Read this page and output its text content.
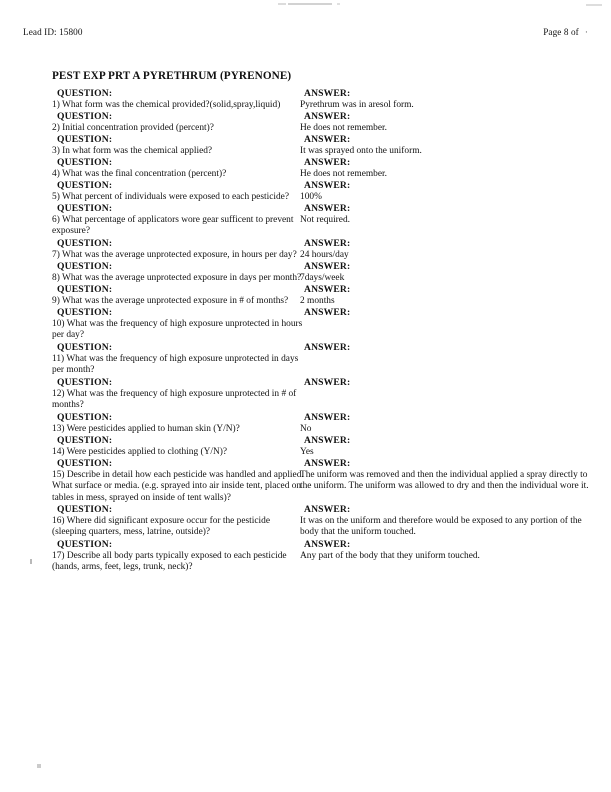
Lead ID: 15800	Page 8 of ·
PEST EXP PRT A PYRETHRUM (PYRENONE)
QUESTION:
1) What form was the chemical provided?(solid,spray,liquid)
ANSWER:
Pyrethrum was in aresol form.
QUESTION:
2) Initial concentration provided (percent)?
ANSWER:
He does not remember.
QUESTION:
3) In what form was the chemical applied?
ANSWER:
It was sprayed onto the uniform.
QUESTION:
4) What was the final concentration (percent)?
ANSWER:
He does not remember.
QUESTION:
5) What percent of individuals were exposed to each pesticide?
ANSWER:
100%
QUESTION:
6) What percentage of applicators wore gear sufficent to prevent exposure?
ANSWER:
Not required.
QUESTION:
7) What was the average unprotected exposure, in hours per day?
ANSWER:
24 hours/day
QUESTION:
8) What was the average unprotected exposure in days per month?
ANSWER:
7days/week
QUESTION:
9) What was the average unprotected exposure in # of months?
ANSWER:
2 months
QUESTION:
10) What was the frequency of high exposure unprotected in hours per day?
ANSWER:
QUESTION:
11) What was the frequency of high exposure unprotected in days per month?
ANSWER:
QUESTION:
12) What was the frequency of high exposure unprotected in # of months?
ANSWER:
QUESTION:
13) Were pesticides applied to human skin (Y/N)?
ANSWER:
No
QUESTION:
14) Were pesticides applied to clothing (Y/N)?
ANSWER:
Yes
QUESTION:
15) Describe in detail how each pesticide was handled and applied. What surface or media. (e.g. sprayed into air inside tent, placed on tables in mess, sprayed on inside of tent walls)?
ANSWER:
The uniform was removed and then the individual applied a spray directly to the uniform. The uniform was allowed to dry and then the individual wore it.
QUESTION:
16) Where did significant exposure occur for the pesticide (sleeping quarters, mess, latrine, outside)?
ANSWER:
It was on the uniform and therefore would be exposed to any portion of the body that the uniform touched.
QUESTION:
17) Describe all body parts typically exposed to each pesticide (hands, arms, feet, legs, trunk, neck)?
ANSWER:
Any part of the body that they uniform touched.
